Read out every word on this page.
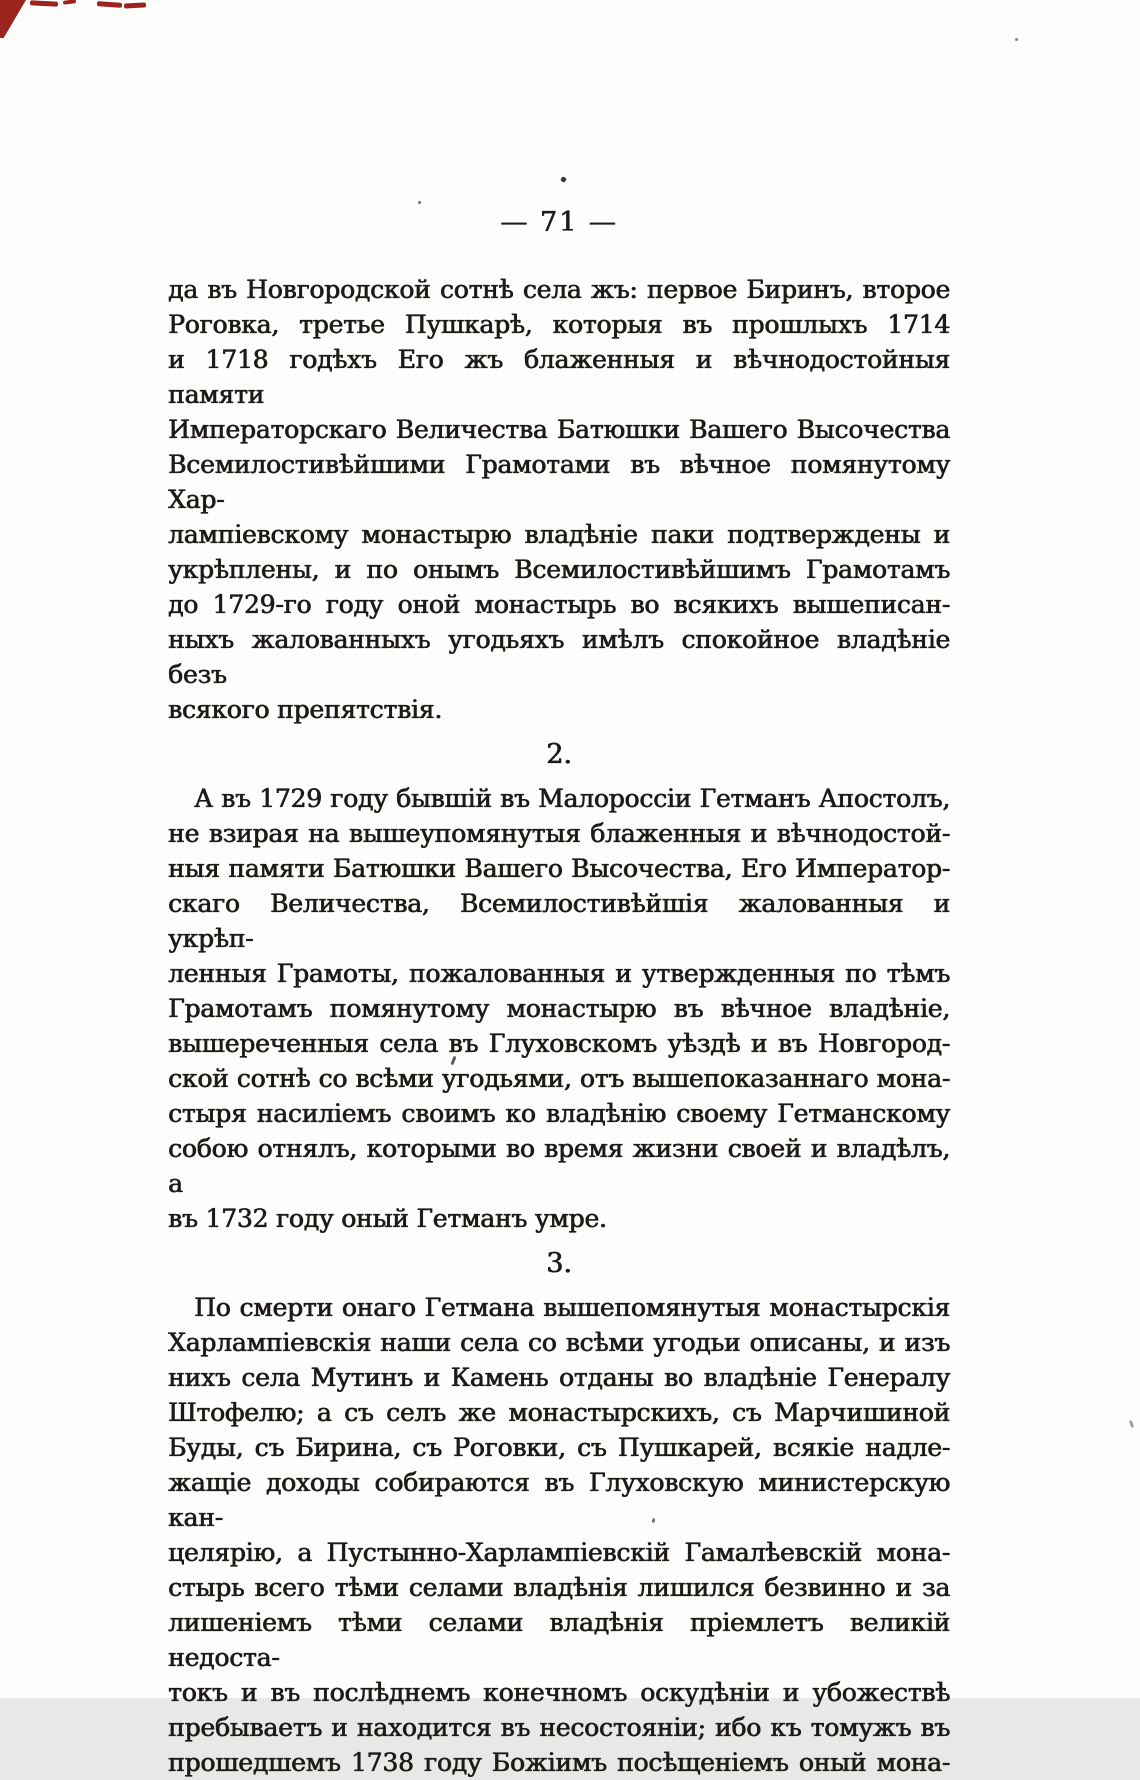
— 71 —
да въ Новгородской сотнѣ села жъ: первое Биринъ, второе
Роговка, третье Пушкарѣ, которыя въ прошлыхъ 1714
и 1718 годѣхъ Его жъ блаженныя и вѣчнодостойныя памяти
Императорскаго Величества Батюшки Вашего Высочества
Всемилостивѣйшими Грамотами въ вѣчное помянутому Хар-
лампіевскому монастырю владѣніе паки подтверждены и
укрѣплены, и по онымъ Всемилостивѣйшимъ Грамотамъ
до 1729-го году оной монастырь во всякихъ вышеписан-
ныхъ жалованныхъ угодьяхъ имѣлъ спокойное владѣніе безъ
всякого препятствія.
2.
А въ 1729 году бывшій въ Малороссіи Гетманъ Апостолъ,
не взирая на вышеупомянутыя блаженныя и вѣчнодостой-
ныя памяти Батюшки Вашего Высочества, Его Император-
скаго Величества, Всемилостивѣйшія жалованныя и укрѣп-
ленныя Грамоты, пожалованныя и утвержденныя по тѣмъ
Грамотамъ помянутому монастырю въ вѣчное владѣніе,
вышереченныя села въ Глуховскомъ уѣздѣ и въ Новгород-
ской сотнѣ со всѣми угодьями, отъ вышепоказаннаго мона-
стыря насиліемъ своимъ ко владѣнію своему Гетманскому
собою отнялъ, которыми во время жизни своей и владѣлъ, а
въ 1732 году оный Гетманъ умре.
3.
По смерти онаго Гетмана вышепомянутыя монастырскія
Харлампіевскія наши села со всѣми угодьи описаны, и изъ
нихъ села Мутинъ и Камень отданы во владѣніе Генералу
Штофелю; а съ селъ же монастырскихъ, съ Марчишиной
Буды, съ Бирина, съ Роговки, съ Пушкарей, всякіе надле-
жащіе доходы собираются въ Глуховскую министерскую кан-
целярію, а Пустынно-Харлампіевскій Гамалѣевскій мона-
стырь всего тѣми селами владѣнія лишился безвинно и за
лишеніемъ тѣми селами владѣнія пріемлетъ великій недоста-
токъ и въ послѣднемъ конечномъ оскудѣніи и убожествѣ
пребываетъ и находится въ несостояніи; ибо къ томужъ въ
прошедшемъ 1738 году Божіимъ посѣщеніемъ оный мона-
